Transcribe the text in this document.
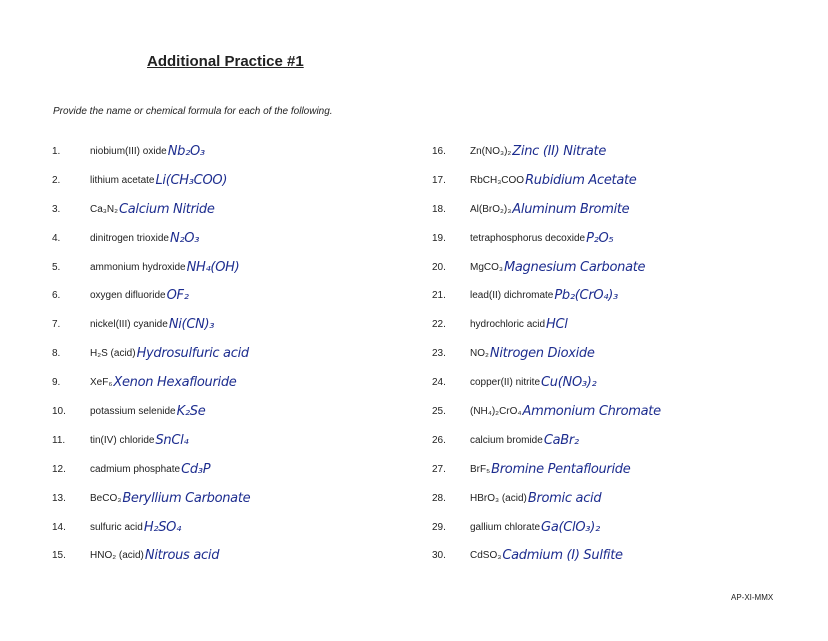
Additional Practice #1

Provide the name or chemical formula for each of the following.

1.	niobium(III) oxide Nb₂O₃
2.	lithium acetate Li(CH₃COO)
3.	Ca₃N₂ Calcium Nitride
4.	dinitrogen trioxide N₂O₃
5.	ammonium hydroxide NH₄(OH)
6.	oxygen difluoride OF₂
7.	nickel(III) cyanide Ni(CN)₃
8.	H₂S (acid) Hydrosulfuric acid
9.	XeF₆ Xenon Hexaflouride
10.	potassium selenide K₂Se
11.	tin(IV) chloride SnCl₄
12.	cadmium phosphate Cd₃P
13.	BeCO₃ Beryllium Carbonate
14.	sulfuric acid H₂SO₄
15.	HNO₂ (acid) Nitrous acid
16.	Zn(NO₃)₂ Zinc (II) Nitrate
17.	RbCH₃COO Rubidium Acetate
18.	Al(BrO₂)₃ Aluminum Bromite
19.	tetraphosphorus decoxide P₂O₅
20.	MgCO₃ Magnesium Carbonate
21.	lead(II) dichromate Pb₂(CrO₄)₃
22.	hydrochloric acid HCl
23.	NO₂ Nitrogen Dioxide
24.	copper(II) nitrite Cu(NO₃)₂
25.	(NH₄)₂CrO₄ Ammonium Chromate
26.	calcium bromide CaBr₂
27.	BrF₅ Bromine Pentaflouride
28.	HBrO₃ (acid) Bromic acid
29.	gallium chlorate Ga(ClO₃)₂
30.	CdSO₃ Cadmium (I) Sulfite

AP-XI-MMX
